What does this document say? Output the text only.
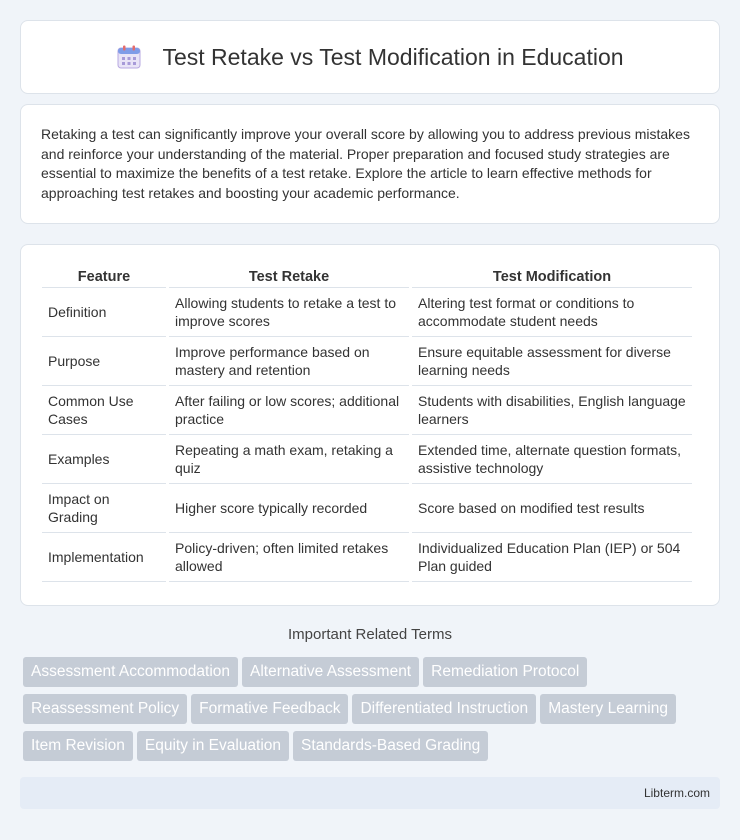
Test Retake vs Test Modification in Education

Retaking a test can significantly improve your overall score by allowing you to address previous mistakes and reinforce your understanding of the material. Proper preparation and focused study strategies are essential to maximize the benefits of a test retake. Explore the article to learn effective methods for approaching test retakes and boosting your academic performance.

Feature	Test Retake	Test Modification
Definition	Allowing students to retake a test to improve scores	Altering test format or conditions to accommodate student needs
Purpose	Improve performance based on mastery and retention	Ensure equitable assessment for diverse learning needs
Common Use Cases	After failing or low scores; additional practice	Students with disabilities, English language learners
Examples	Repeating a math exam, retaking a quiz	Extended time, alternate question formats, assistive technology
Impact on Grading	Higher score typically recorded	Score based on modified test results
Implementation	Policy-driven; often limited retakes allowed	Individualized Education Plan (IEP) or 504 Plan guided
Important Related Terms
Assessment Accommodation Alternative Assessment Remediation Protocol
Reassessment Policy Formative Feedback Differentiated Instruction Mastery Learning
Item Revision Equity in Evaluation Standards-Based Grading
Libterm.com
